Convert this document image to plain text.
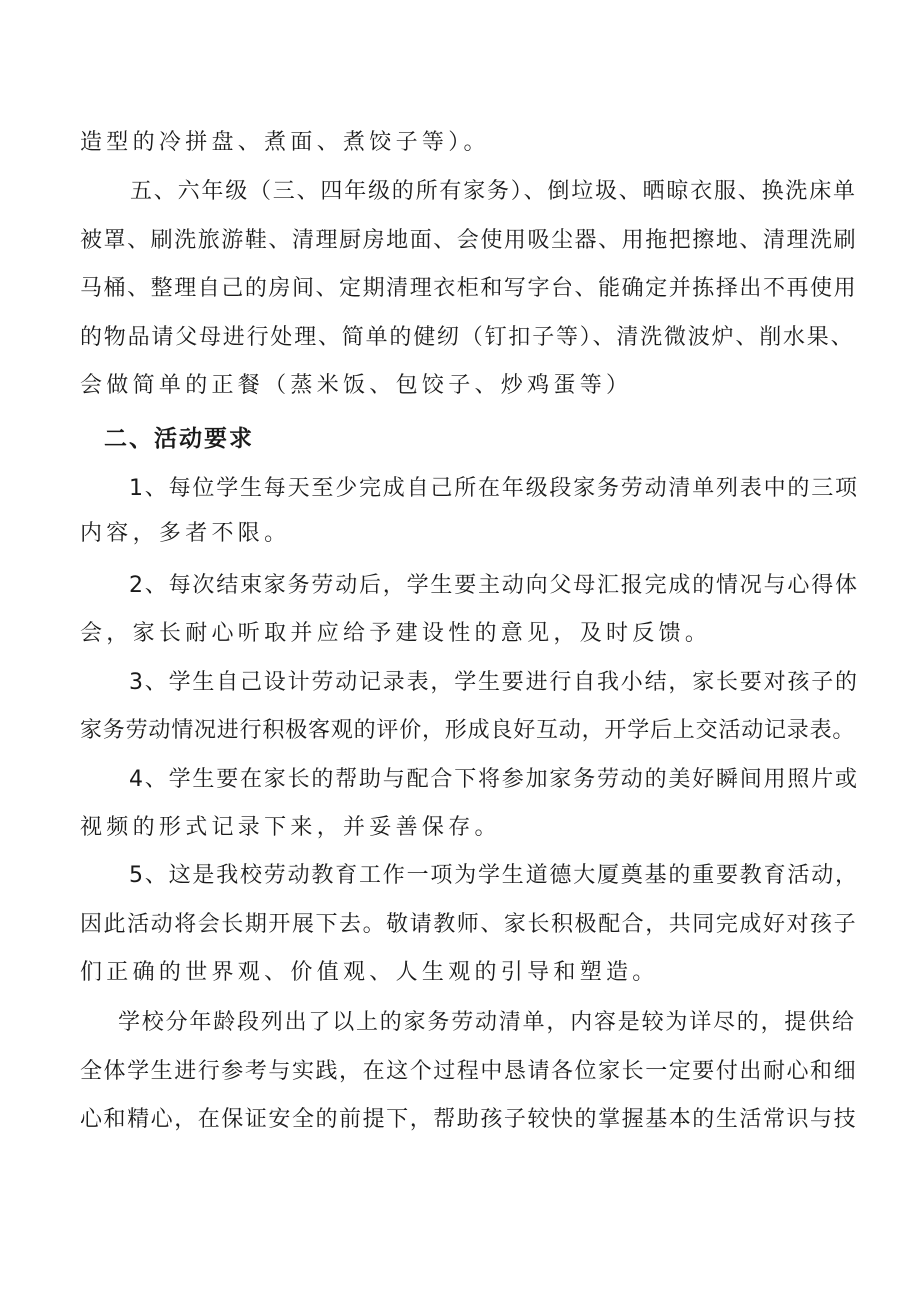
造型的冷拼盘、煮面、煮饺子等）。
五、六年级（三、四年级的所有家务）、倒垃圾、晒晾衣服、换洗床单
被罩、刷洗旅游鞋、清理厨房地面、会使用吸尘器、用拖把擦地、清理洗刷
马桶、整理自己的房间、定期清理衣柜和写字台、能确定并拣择出不再使用
的物品请父母进行处理、简单的健纫（钉扣子等）、清洗微波炉、削水果、
会做简单的正餐（蒸米饭、包饺子、炒鸡蛋等）
二、活动要求
1、每位学生每天至少完成自己所在年级段家务劳动清单列表中的三项
内容，多者不限。
2、每次结束家务劳动后，学生要主动向父母汇报完成的情况与心得体
会，家长耐心听取并应给予建设性的意见，及时反馈。
3、学生自己设计劳动记录表，学生要进行自我小结，家长要对孩子的
家务劳动情况进行积极客观的评价，形成良好互动，开学后上交活动记录表。
4、学生要在家长的帮助与配合下将参加家务劳动的美好瞬间用照片或
视频的形式记录下来，并妥善保存。
5、这是我校劳动教育工作一项为学生道德大厦奠基的重要教育活动，
因此活动将会长期开展下去。敬请教师、家长积极配合，共同完成好对孩子
们正确的世界观、价值观、人生观的引导和塑造。
学校分年龄段列出了以上的家务劳动清单，内容是较为详尽的，提供给
全体学生进行参考与实践，在这个过程中恳请各位家长一定要付出耐心和细
心和精心，在保证安全的前提下，帮助孩子较快的掌握基本的生活常识与技
